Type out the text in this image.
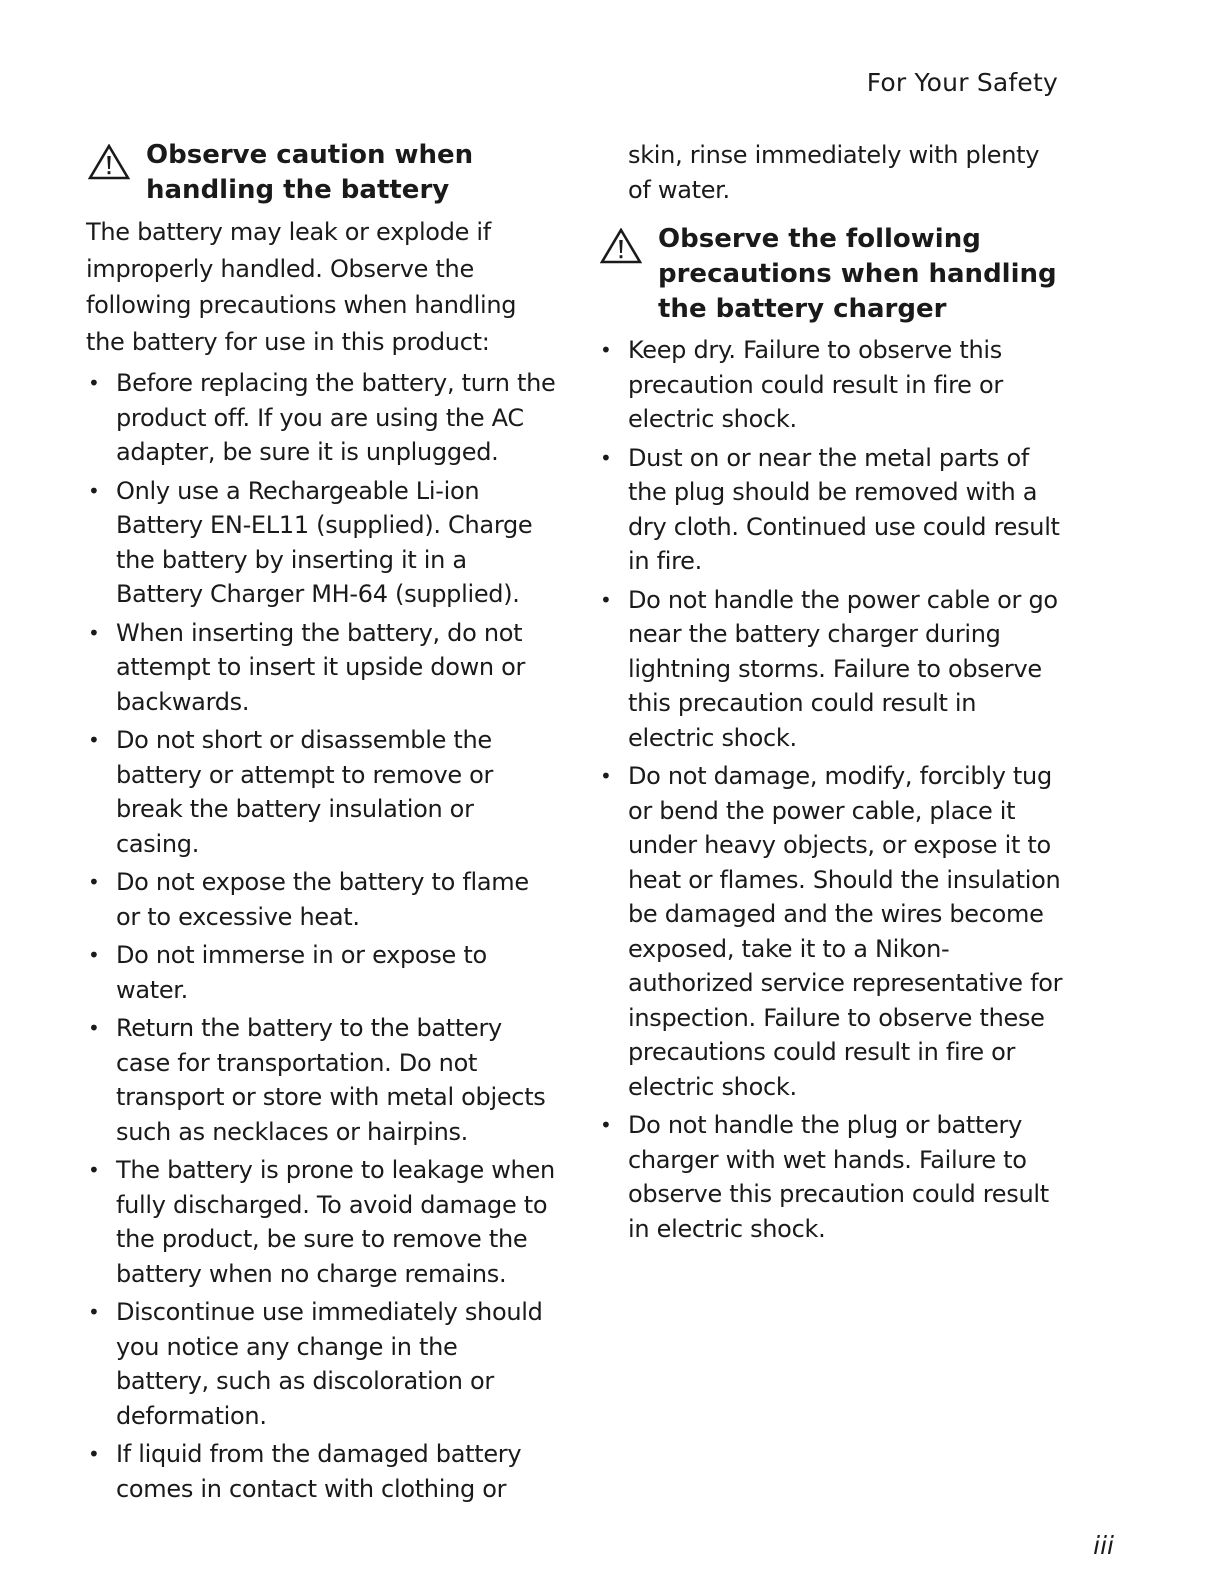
For Your Safety
Observe caution when handling the battery

The battery may leak or explode if improperly handled. Observe the following precautions when handling the battery for use in this product:

• Before replacing the battery, turn the product off. If you are using the AC adapter, be sure it is unplugged.
• Only use a Rechargeable Li-ion Battery EN-EL11 (supplied). Charge the battery by inserting it in a Battery Charger MH-64 (supplied).
• When inserting the battery, do not attempt to insert it upside down or backwards.
• Do not short or disassemble the battery or attempt to remove or break the battery insulation or casing.
• Do not expose the battery to flame or to excessive heat.
• Do not immerse in or expose to water.
• Return the battery to the battery case for transportation. Do not transport or store with metal objects such as necklaces or hairpins.
• The battery is prone to leakage when fully discharged. To avoid damage to the product, be sure to remove the battery when no charge remains.
• Discontinue use immediately should you notice any change in the battery, such as discoloration or deformation.
• If liquid from the damaged battery comes in contact with clothing or

skin, rinse immediately with plenty of water.

Observe the following precautions when handling the battery charger
• Keep dry. Failure to observe this precaution could result in fire or electric shock.
• Dust on or near the metal parts of the plug should be removed with a dry cloth. Continued use could result in fire.
• Do not handle the power cable or go near the battery charger during lightning storms. Failure to observe this precaution could result in electric shock.
• Do not damage, modify, forcibly tug or bend the power cable, place it under heavy objects, or expose it to heat or flames. Should the insulation be damaged and the wires become exposed, take it to a Nikon-authorized service representative for inspection. Failure to observe these precautions could result in fire or electric shock.
• Do not handle the plug or battery charger with wet hands. Failure to observe this precaution could result in electric shock.
iii
